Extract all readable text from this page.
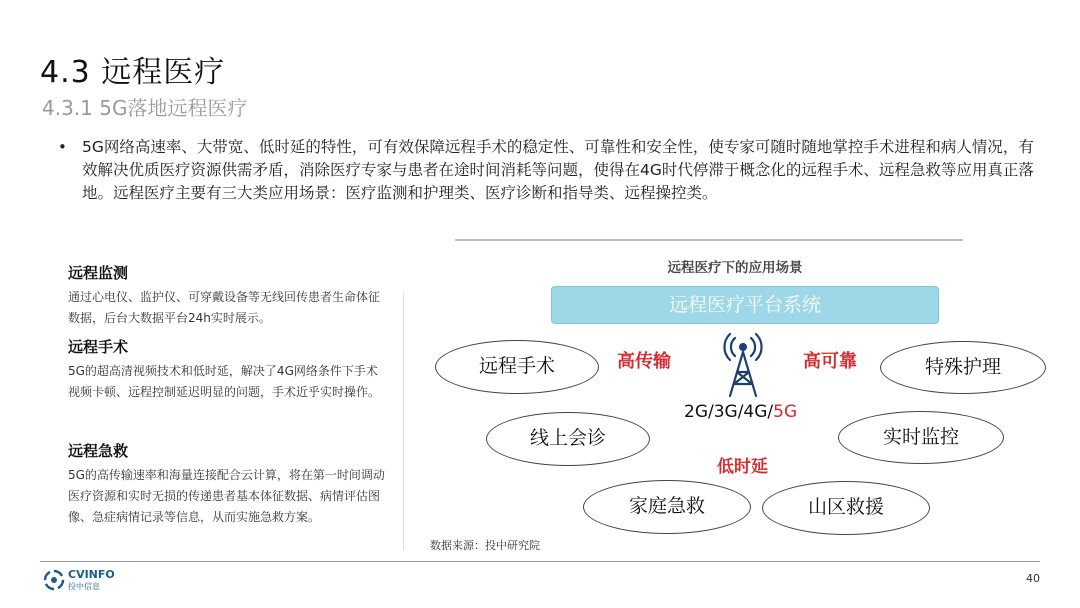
4.3 远程医疗
4.3.1 5G落地远程医疗
• 5G网络高速率、大带宽、低时延的特性，可有效保障远程手术的稳定性、可靠性和安全性，使专家可随时随地掌控手术进程和病人情况，有效解决优质医疗资源供需矛盾，消除医疗专家与患者在途时间消耗等问题，使得在4G时代停滞于概念化的远程手术、远程急救等应用真正落地。远程医疗主要有三大类应用场景：医疗监测和护理类、医疗诊断和指导类、远程操控类。
远程监测
通过心电仪、监护仪、可穿戴设备等无线回传患者生命体征数据，后台大数据平台24h实时展示。
远程手术
5G的超高清视频技术和低时延，解决了4G网络条件下手术视频卡顿、远程控制延迟明显的问题，手术近乎实时操作。
远程急救
5G的高传输速率和海量连接配合云计算，将在第一时间调动医疗资源和实时无损的传递患者基本体征数据、病情评估图像、急症病情记录等信息，从而实施急救方案。
远程医疗下的应用场景
远程医疗平台系统
远程手术	特殊护理
线上会诊	实时监控
家庭急救	山区救援
高传输	高可靠
低时延
2G/3G/4G/5G
数据来源：投中研究院
40
CVINFO
投中信息
